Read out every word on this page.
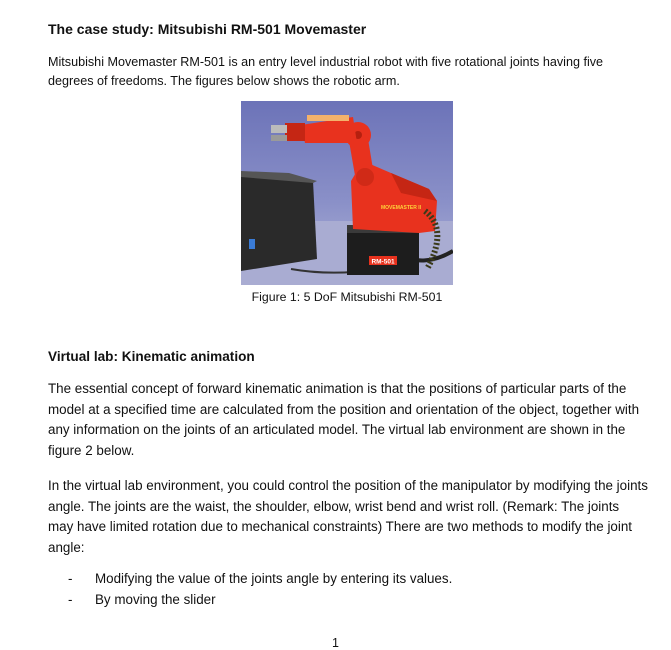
The case study: Mitsubishi RM-501 Movemaster
Mitsubishi Movemaster RM-501 is an entry level industrial robot with five rotational joints having five degrees of freedoms. The figures below shows the robotic arm.
RM-501
MOVEMASTER II
Figure 1: 5 DoF Mitsubishi RM-501
Virtual lab: Kinematic animation
The essential concept of forward kinematic animation is that the positions of particular parts of the model at a specified time are calculated from the position and orientation of the object, together with any information on the joints of an articulated model. The virtual lab environment are shown in the figure 2 below.
In the virtual lab environment, you could control the position of the manipulator by modifying the joints angle. The joints are the waist, the shoulder, elbow, wrist bend and wrist roll. (Remark: The joints may have limited rotation due to mechanical constraints) There are two methods to modify the joint angle:
- Modifying the value of the joints angle by entering its values.
- By moving the slider
1
